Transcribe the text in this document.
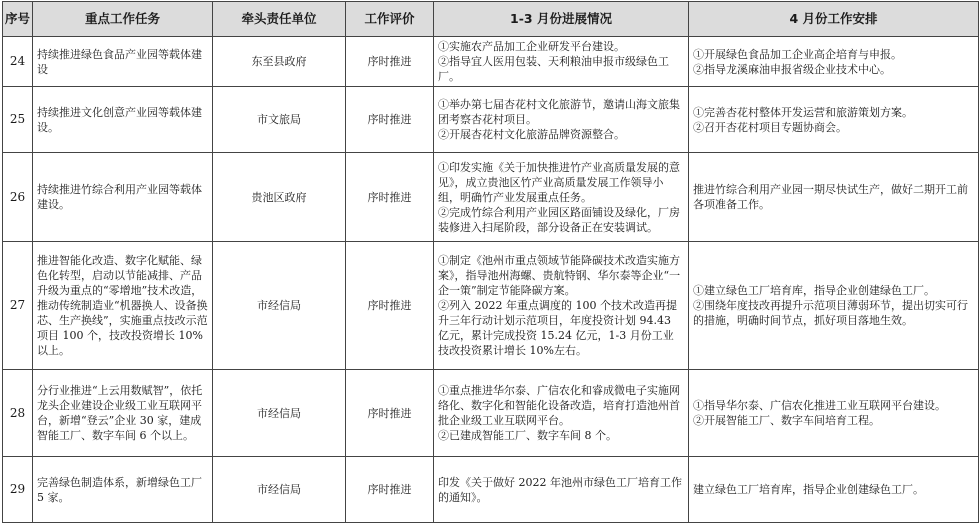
序号	重点工作任务	牵头责任单位	工作评价	1-3 月份进展情况	4 月份工作安排
24	持续推进绿色食品产业园等载体建设	东至县政府	序时推进	①实施农产品加工企业研发平台建设。
②指导宜人医用包装、天利粮油申报市级绿色工厂。	①开展绿色食品加工企业高企培育与申报。
②指导龙溪麻油申报省级企业技术中心。

25	持续推进文化创意产业园等载体建设。	市文旅局	序时推进	①举办第七届杏花村文化旅游节，邀请山海文旅集团考察杏花村项目。
②开展杏花村文化旅游品牌资源整合。	①完善杏花村整体开发运营和旅游策划方案。
②召开杏花村项目专题协商会。

26	持续推进竹综合利用产业园等载体建设。	贵池区政府	序时推进	①印发实施《关于加快推进竹产业高质量发展的意见》，成立贵池区竹产业高质量发展工作领导小组，明确竹产业发展重点任务。
②完成竹综合利用产业园区路面铺设及绿化，厂房装修进入扫尾阶段，部分设备正在安装调试。	推进竹综合利用产业园一期尽快试生产，做好二期开工前各项准备工作。

27	推进智能化改造、数字化赋能、绿色化转型，启动以节能减排、产品升级为重点的“零增地”技术改造，推动传统制造业“机器换人、设备换芯、生产换线”，实施重点技改示范项目 100 个，技改投资增长 10%以上。	市经信局	序时推进	①制定《池州市重点领域节能降碳技术改造实施方案》，指导池州海螺、贵航特钢、华尔泰等企业“一企一策”制定节能降碳方案。
②列入 2022 年重点调度的 100 个技术改造再提升三年行动计划示范项目，年度投资计划 94.43 亿元，累计完成投资 15.24 亿元，1-3 月份工业技改投资累计增长 10%左右。	①建立绿色工厂培育库，指导企业创建绿色工厂。
②围绕年度技改再提升示范项目薄弱环节，提出切实可行的措施，明确时间节点，抓好项目落地生效。

28	分行业推进“上云用数赋智”，依托龙头企业建设企业级工业互联网平台，新增“登云”企业 30 家，建成智能工厂、数字车间 6 个以上。	市经信局	序时推进	①重点推进华尔泰、广信农化和睿成微电子实施网络化、数字化和智能化设备改造，培育打造池州首批企业级工业互联网平台。
②已建成智能工厂、数字车间 8 个。	①指导华尔泰、广信农化推进工业互联网平台建设。
②开展智能工厂、数字车间培育工程。

29	完善绿色制造体系，新增绿色工厂 5 家。	市经信局	序时推进	印发《关于做好 2022 年池州市绿色工厂培育工作的通知》。	建立绿色工厂培育库，指导企业创建绿色工厂。
